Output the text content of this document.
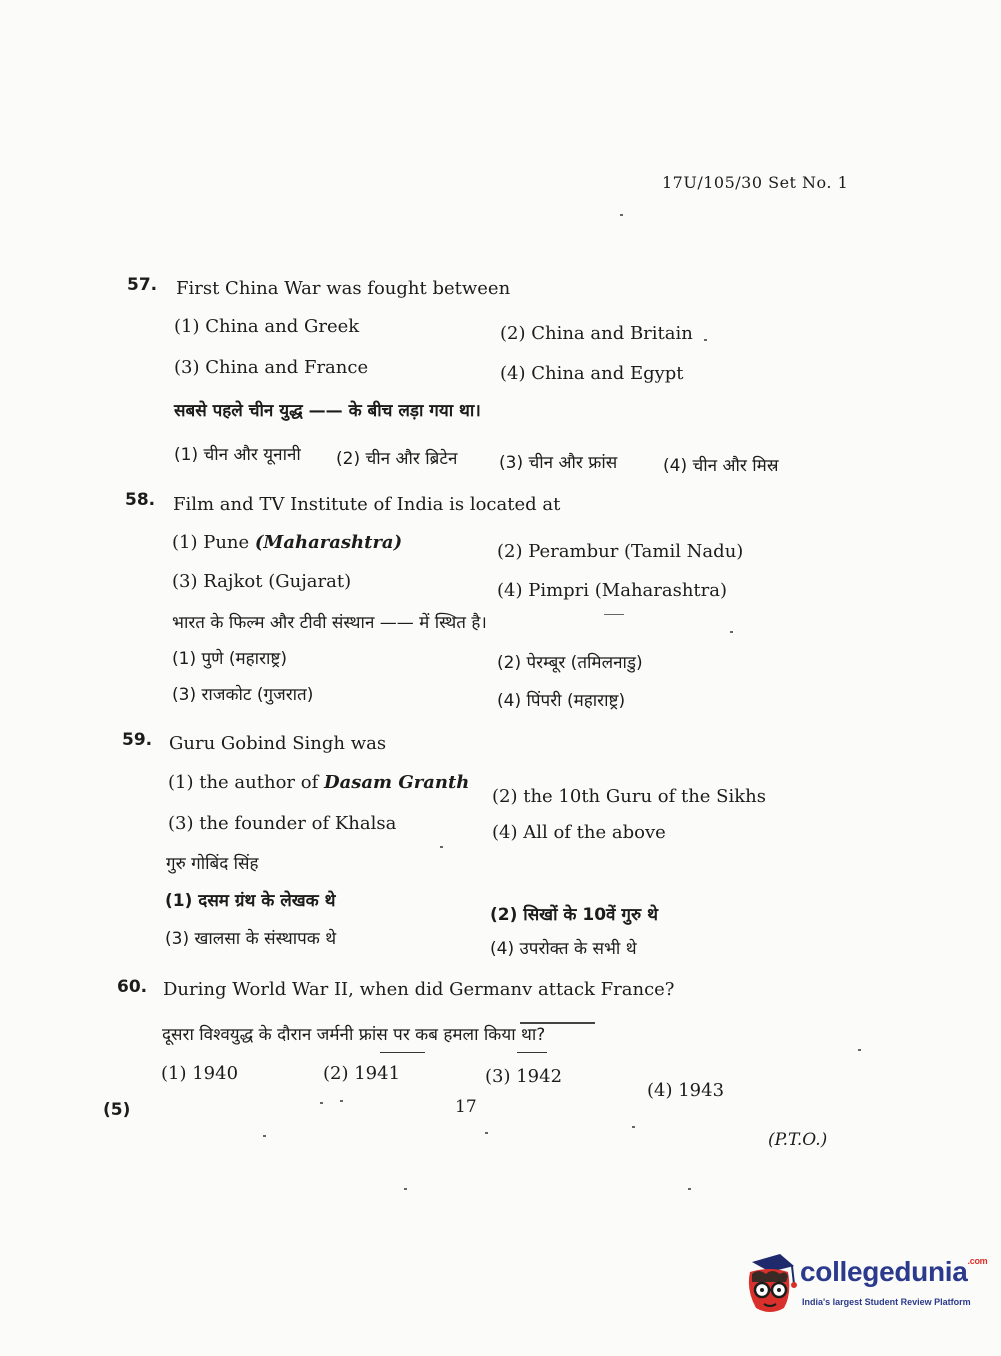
17U/105/30 Set No. 1
57. First China War was fought between
(1) China and Greek	(2) China and Britain
(3) China and France	(4) China and Egypt
सबसे पहले चीन युद्ध —— के बीच लड़ा गया था।
(1) चीन और यूनानी (2) चीन और ब्रिटेन (3) चीन और फ्रांस	(4) चीन और मिस्र
58. Film and TV Institute of India is located at
(1) Pune (Maharashtra)	(2) Perambur (Tamil Nadu)
(3) Rajkot (Gujarat)	(4) Pimpri (Maharashtra)
भारत के फिल्म और टीवी संस्थान —— में स्थित है।
(1) पुणे (महाराष्ट्र)	(2) पेरम्बूर (तमिलनाडु)
(3) राजकोट (गुजरात)	(4) पिंपरी (महाराष्ट्र)
59. Guru Gobind Singh was
(1) the author of Dasam Granth
(2) the 10th Guru of the Sikhs
(3) the founder of Khalsa	(4) All of the above
गुरु गोबिंद सिंह
(1) दसम ग्रंथ के लेखक थे
(2) सिखों के 10वें गुरु थे
(3) खालसा के संस्थापक थे	(4) उपरोक्त के सभी थे
60. During World War II, when did Germanv attack France?
दूसरा विश्वयुद्ध के दौरान जर्मनी फ्रांस पर कब हमला किया था?
(1) 1940	(2) 1941	(3) 1942
(4) 1943
(5)	17
(P.T.O.)
collegedunia$^{.com}$
India's largest Student Review Platform
